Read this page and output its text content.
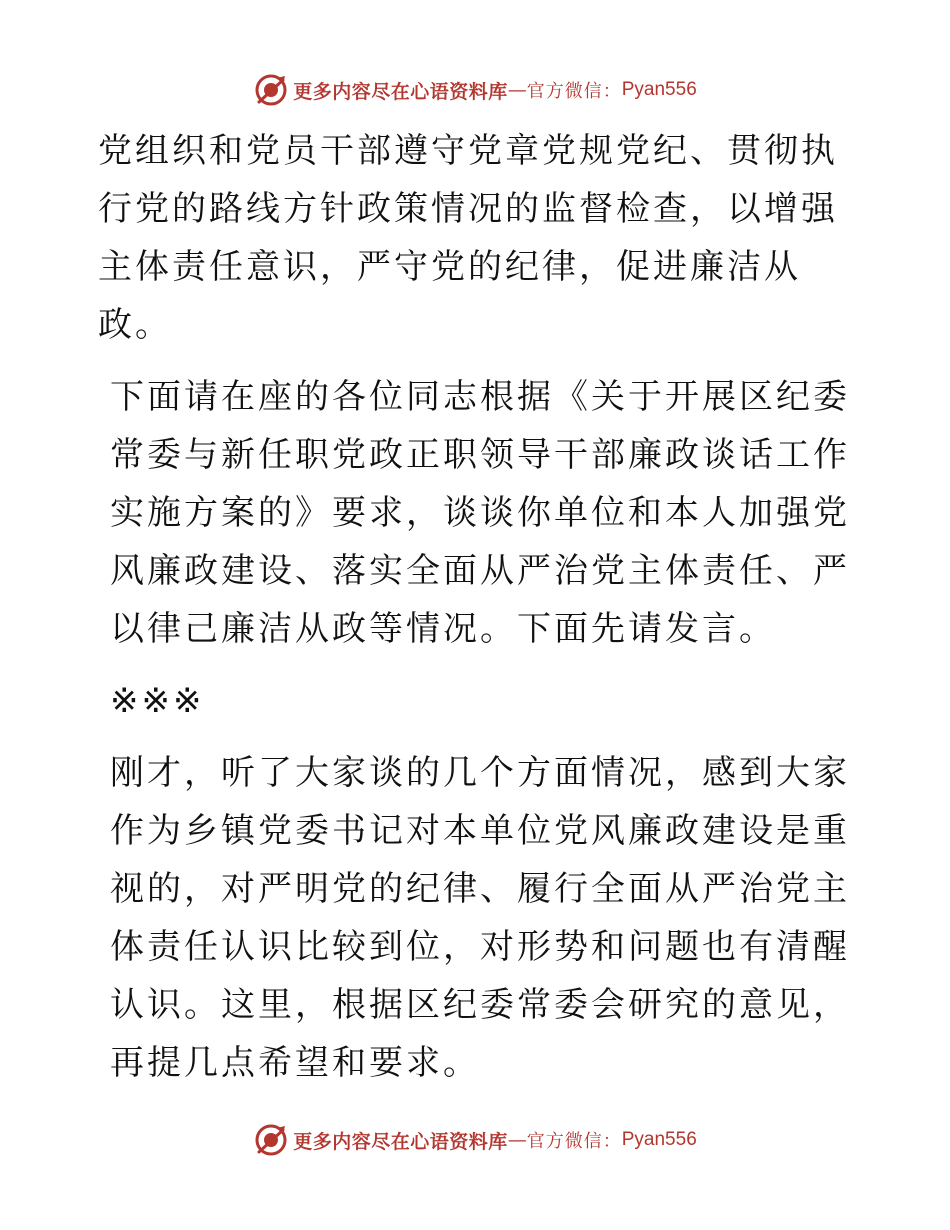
更多内容尽在心语资料库 — 官方微信： Pyan556

党组织和党员干部遵守党章党规党纪、贯彻执行党的路线方针政策情况的监督检查，以增强主体责任意识，严守党的纪律，促进廉洁从政。

下面请在座的各位同志根据《关于开展区纪委常委与新任职党政正职领导干部廉政谈话工作实施方案的》要求，谈谈你单位和本人加强党风廉政建设、落实全面从严治党主体责任、严以律己廉洁从政等情况。下面先请发言。

※※※

刚才，听了大家谈的几个方面情况，感到大家作为乡镇党委书记对本单位党风廉政建设是重视的，对严明党的纪律、履行全面从严治党主体责任认识比较到位，对形势和问题也有清醒认识。这里，根据区纪委常委会研究的意见，再提几点希望和要求。

更多内容尽在心语资料库 — 官方微信： Pyan556
